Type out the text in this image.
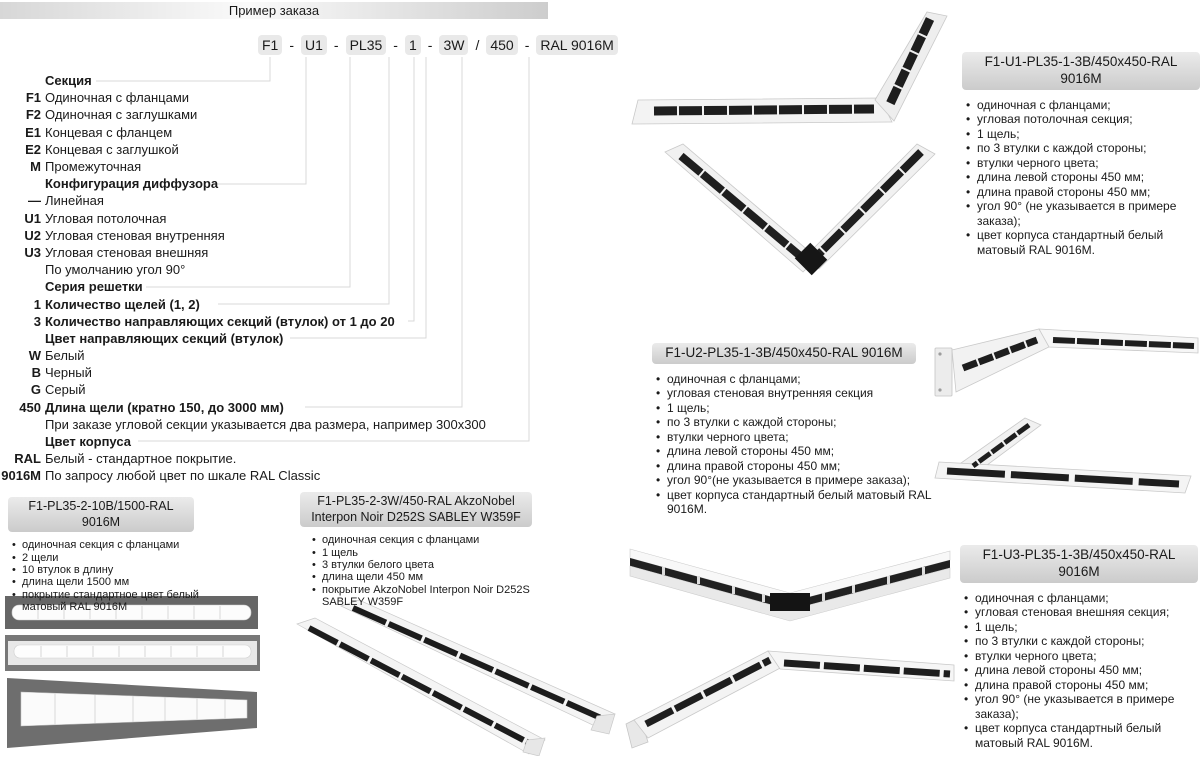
Пример заказа
F1 - U1 - PL35 - 1 - 3W / 450 - RAL 9016M
Секция
F1 Одиночная с фланцами
F2 Одиночная с заглушками
E1 Концевая с фланцем
E2 Концевая с заглушкой
M Промежуточная
Конфигурация диффузора
— Линейная
U1 Угловая потолочная
U2 Угловая стеновая внутренняя
U3 Угловая стеновая внешняя
По умолчанию угол 90°
Серия решетки
1 Количество щелей (1, 2)
3 Количество направляющих секций (втулок) от 1 до 20
Цвет направляющих секций (втулок)
W Белый
B Черный
G Серый
450 Длина щели (кратно 150, до 3000 мм)
При заказе угловой секции указывается два размера, например 300x300
Цвет корпуса
RAL Белый - стандартное покрытие.
9016M По запросу любой цвет по шкале RAL Classic
F1-U1-PL35-1-3B/450x450-RAL 9016M
• одиночная с фланцами;
• угловая потолочная секция;
• 1 щель;
• по 3 втулки с каждой стороны;
• втулки черного цвета;
• длина левой стороны 450 мм;
• длина правой стороны 450 мм;
• угол 90° (не указывается в примере заказа);
• цвет корпуса стандартный белый матовый RAL 9016M.
F1-U2-PL35-1-3B/450x450-RAL 9016M
• одиночная с фланцами;
• угловая стеновая внутренняя секция
• 1 щель;
• по 3 втулки с каждой стороны;
• втулки черного цвета;
• длина левой стороны 450 мм;
• длина правой стороны 450 мм;
• угол 90°(не указывается в примере заказа);
• цвет корпуса стандартный белый матовый RAL 9016M.
F1-U3-PL35-1-3B/450x450-RAL 9016M
• одиночная с фланцами;
• угловая стеновая внешняя секция;
• 1 щель;
• по 3 втулки с каждой стороны;
• втулки черного цвета;
• длина левой стороны 450 мм;
• длина правой стороны 450 мм;
• угол 90° (не указывается в примере заказа);
• цвет корпуса стандартный белый матовый RAL 9016M.
F1-PL35-2-10B/1500-RAL 9016M
• одиночная секция с фланцами
• 2 щели
• 10 втулок в длину
• длина щели 1500 мм
• покрытие стандартное цвет белый матовый RAL 9016M
F1-PL35-2-3W/450-RAL AkzoNobel Interpon Noir D252S SABLEY W359F
• одиночная секция с фланцами
• 1 щель
• 3 втулки белого цвета
• длина щели 450 мм
• покрытие AkzoNobel Interpon Noir D252S SABLEY W359F
